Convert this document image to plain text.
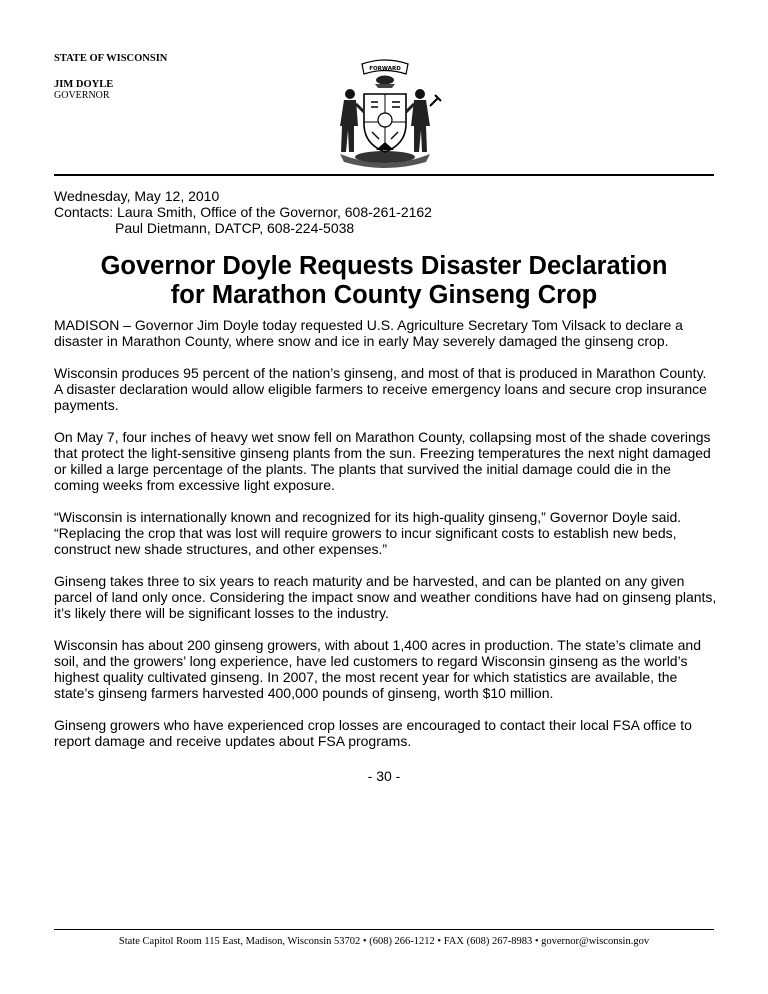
STATE OF WISCONSIN
JIM DOYLE
GOVERNOR
FORWARD
Wednesday, May 12, 2010
Contacts: Laura Smith, Office of the Governor, 608-261-2162
Paul Dietmann, DATCP, 608-224-5038
Governor Doyle Requests Disaster Declaration
for Marathon County Ginseng Crop

MADISON – Governor Jim Doyle today requested U.S. Agriculture Secretary Tom Vilsack to declare a disaster in Marathon County, where snow and ice in early May severely damaged the ginseng crop.

Wisconsin produces 95 percent of the nation’s ginseng, and most of that is produced in Marathon County. A disaster declaration would allow eligible farmers to receive emergency loans and secure crop insurance payments.

On May 7, four inches of heavy wet snow fell on Marathon County, collapsing most of the shade coverings that protect the light-sensitive ginseng plants from the sun. Freezing temperatures the next night damaged or killed a large percentage of the plants. The plants that survived the initial damage could die in the coming weeks from excessive light exposure.

“Wisconsin is internationally known and recognized for its high-quality ginseng,” Governor Doyle said. “Replacing the crop that was lost will require growers to incur significant costs to establish new beds, construct new shade structures, and other expenses.”

Ginseng takes three to six years to reach maturity and be harvested, and can be planted on any given parcel of land only once. Considering the impact snow and weather conditions have had on ginseng plants, it’s likely there will be significant losses to the industry.

Wisconsin has about 200 ginseng growers, with about 1,400 acres in production. The state’s climate and soil, and the growers’ long experience, have led customers to regard Wisconsin ginseng as the world’s highest quality cultivated ginseng. In 2007, the most recent year for which statistics are available, the state’s ginseng farmers harvested 400,000 pounds of ginseng, worth $10 million.

Ginseng growers who have experienced crop losses are encouraged to contact their local FSA office to report damage and receive updates about FSA programs.

- 30 -
State Capitol Room 115 East, Madison, Wisconsin 53702 • (608) 266-1212 • FAX (608) 267-8983 • governor@wisconsin.gov
